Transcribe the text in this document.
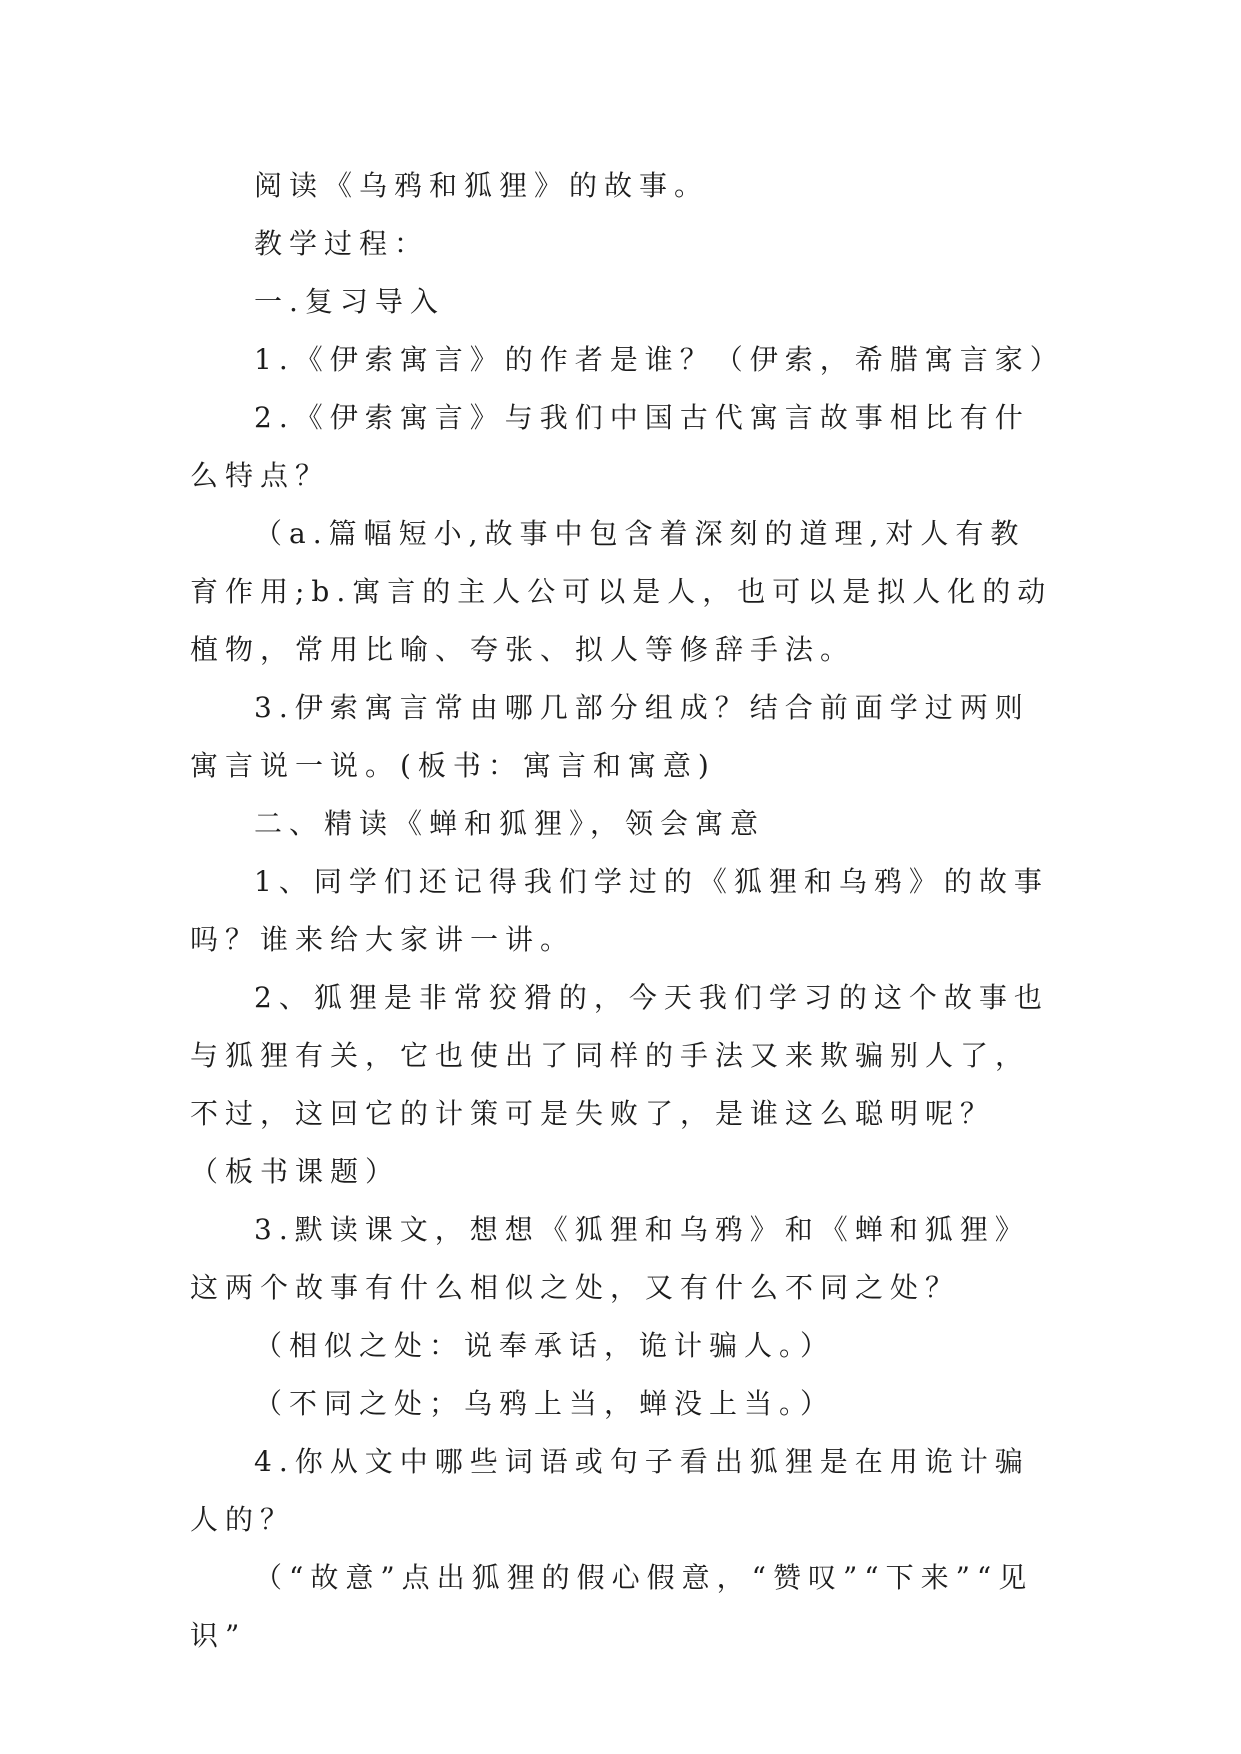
阅读《乌鸦和狐狸》的故事。

教学过程：

一.复习导入

1.《伊索寓言》的作者是谁？（伊索，希腊寓言家）

2.《伊索寓言》与我们中国古代寓言故事相比有什么特点？

（a.篇幅短小,故事中包含着深刻的道理,对人有教育作用;b.寓言的主人公可以是人，也可以是拟人化的动植物，常用比喻、夸张、拟人等修辞手法。

3.伊索寓言常由哪几部分组成？结合前面学过两则寓言说一说。(板书：寓言和寓意)

二、精读《蝉和狐狸》，领会寓意

1、同学们还记得我们学过的《狐狸和乌鸦》的故事吗？谁来给大家讲一讲。

2、狐狸是非常狡猾的，今天我们学习的这个故事也与狐狸有关，它也使出了同样的手法又来欺骗别人了，不过，这回它的计策可是失败了，是谁这么聪明呢？（板书课题）

3.默读课文，想想《狐狸和乌鸦》和《蝉和狐狸》这两个故事有什么相似之处，又有什么不同之处？

（相似之处：说奉承话，诡计骗人。）

（不同之处；乌鸦上当，蝉没上当。）

4.你从文中哪些词语或句子看出狐狸是在用诡计骗人的？

（“故意”点出狐狸的假心假意，“赞叹”“下来”“见识”
